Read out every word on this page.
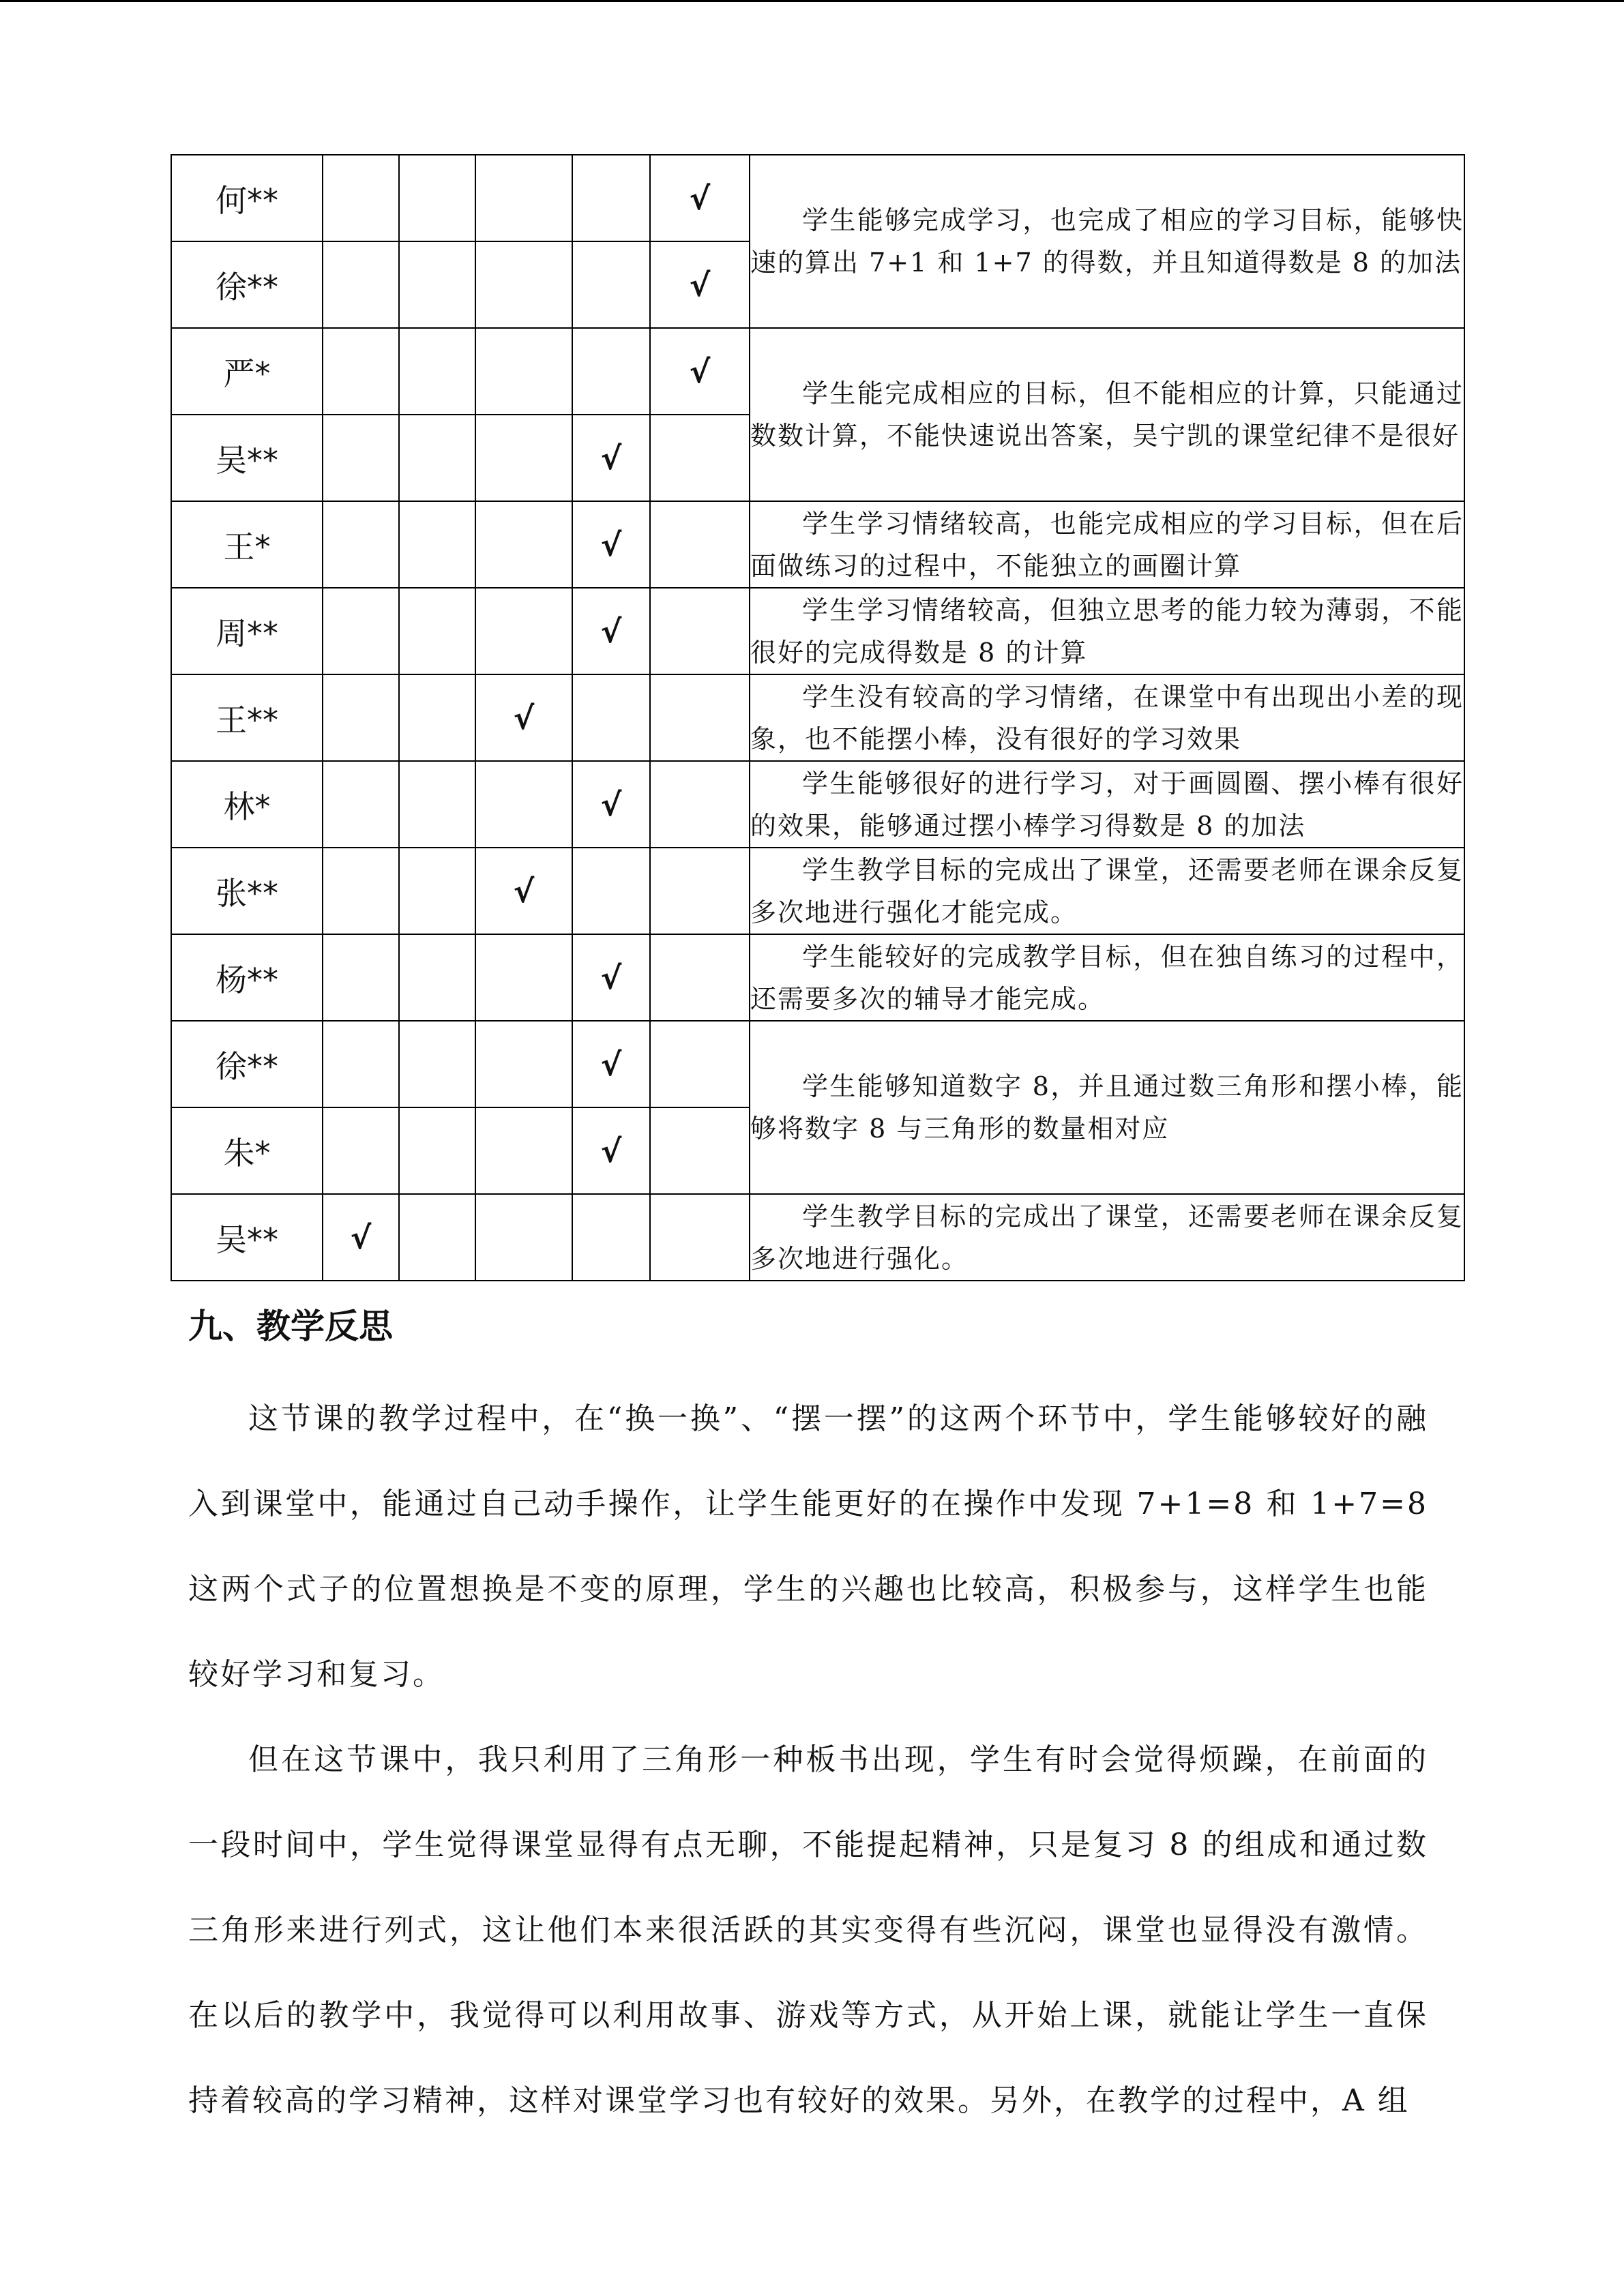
何**					√	学生能够完成学习，也完成了相应的学习目标，能够快速的算出 7+1 和 1+7 的得数，并且知道得数是 8 的加法
徐**					√	
严*					√	学生能完成相应的目标，但不能相应的计算，只能通过数数计算，不能快速说出答案，吴宁凯的课堂纪律不是很好
吴**				√		
王*				√		学生学习情绪较高，也能完成相应的学习目标，但在后面做练习的过程中，不能独立的画圈计算
周**				√		学生学习情绪较高，但独立思考的能力较为薄弱，不能很好的完成得数是 8 的计算
王**			√			学生没有较高的学习情绪，在课堂中有出现出小差的现象，也不能摆小棒，没有很好的学习效果
林*				√		学生能够很好的进行学习，对于画圆圈、摆小棒有很好的效果，能够通过摆小棒学习得数是 8 的加法
张**			√			学生教学目标的完成出了课堂，还需要老师在课余反复多次地进行强化才能完成。
杨**				√		学生能较好的完成教学目标，但在独自练习的过程中，还需要多次的辅导才能完成。
徐**				√		学生能够知道数字 8，并且通过数三角形和摆小棒，能够将数字 8 与三角形的数量相对应
朱*				√		
吴**	√					学生教学目标的完成出了课堂，还需要老师在课余反复多次地进行强化。
九、教学反思

这节课的教学过程中，在“换一换”、“摆一摆”的这两个环节中，学生能够较好的融入到课堂中，能通过自己动手操作，让学生能更好的在操作中发现 7+1=8 和 1+7=8 这两个式子的位置想换是不变的原理，学生的兴趣也比较高，积极参与，这样学生也能较好学习和复习。

但在这节课中，我只利用了三角形一种板书出现，学生有时会觉得烦躁，在前面的一段时间中，学生觉得课堂显得有点无聊，不能提起精神，只是复习 8 的组成和通过数三角形来进行列式，这让他们本来很活跃的其实变得有些沉闷，课堂也显得没有激情。在以后的教学中，我觉得可以利用故事、游戏等方式，从开始上课，就能让学生一直保持着较高的学习精神，这样对课堂学习也有较好的效果。另外，在教学的过程中，A 组
